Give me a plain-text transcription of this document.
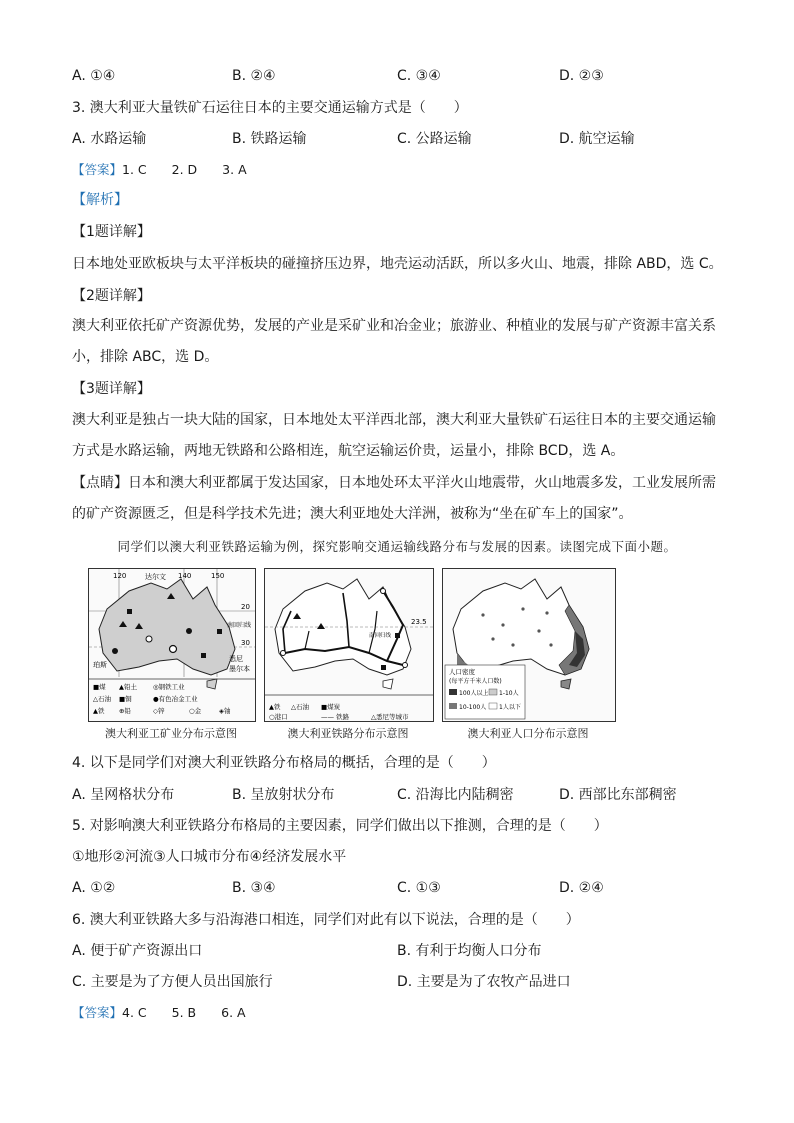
A. ①④	B. ②④	C. ③④	D. ②③
3. 澳大利亚大量铁矿石运往日本的主要交通运输方式是（　　）
A. 水路运输	B. 铁路运输	C. 公路运输	D. 航空运输
【答案】1. C　　2. D　　3. A
【解析】
【1题详解】
日本地处亚欧板块与太平洋板块的碰撞挤压边界，地壳运动活跃，所以多火山、地震，排除 ABD，选 C。
【2题详解】
澳大利亚依托矿产资源优势，发展的产业是采矿业和冶金业；旅游业、种植业的发展与矿产资源丰富关系
小，排除 ABC，选 D。
【3题详解】
澳大利亚是独占一块大陆的国家，日本地处太平洋西北部，澳大利亚大量铁矿石运往日本的主要交通运输
方式是水路运输，两地无铁路和公路相连，航空运输运价贵，运量小，排除 BCD，选 A。
【点睛】日本和澳大利亚都属于发达国家，日本地处环太平洋火山地震带，火山地震多发，工业发展所需
的矿产资源匮乏，但是科学技术先进；澳大利亚地处大洋洲，被称为“坐在矿车上的国家”。
同学们以澳大利亚铁路运输为例，探究影响交通运输线路分布与发展的因素。读图完成下面小题。
120	140	150
达尔文
20
30
南回归线
珀斯
悉尼
墨尔本
■煤 ▲铅土 ◎钢铁工业
△石油 ■铜	●有色冶金工业
▲铁 ⊕铅	◇锌	○金	◈铀
澳大利亚工矿业分布示意图
23.5
南回归线
▲铁 △石油 ■煤炭
○港口	—— 铁路	△悉尼等城市
澳大利亚铁路分布示意图
人口密度
(每平方千米人口数)
100人以上 1-10人
10-100人 1人以下
澳大利亚人口分布示意图
4. 以下是同学们对澳大利亚铁路分布格局的概括，合理的是（　　）
A. 呈网格状分布	B. 呈放射状分布	C. 沿海比内陆稠密	D. 西部比东部稠密
5. 对影响澳大利亚铁路分布格局的主要因素，同学们做出以下推测，合理的是（　　）
①地形②河流③人口城市分布④经济发展水平
A. ①②	B. ③④	C. ①③	D. ②④
6. 澳大利亚铁路大多与沿海港口相连，同学们对此有以下说法，合理的是（　　）
A. 便于矿产资源出口	B. 有利于均衡人口分布
C. 主要是为了方便人员出国旅行	D. 主要是为了农牧产品进口
【答案】4. C　　5. B　　6. A
